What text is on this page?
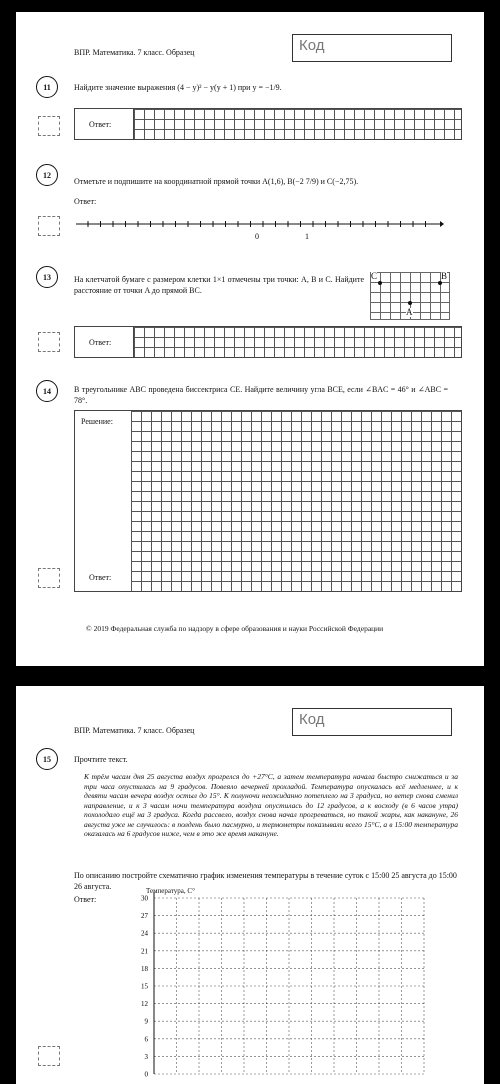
ВПР. Математика. 7 класс. Образец	Код
11	Найдите значение выражения (4 − y)² − y(y + 1) при y = −1/9.
Ответ:
12
Отметьте и подпишите на координатной прямой точки A(1,6), B(−2 7/9) и C(−2,75).
Ответ:
0	1
13	На клетчатой бумаге с размером клетки 1×1 отмечены три точки: A, B и C. Найдите расстояние от точки A до прямой BC.
C	B
A
Ответ:
14	В треугольнике ABC проведена биссектриса CE. Найдите величину угла BCE, если ∠BAC = 46° и ∠ABC = 78°.
Решение:
Ответ:
© 2019 Федеральная служба по надзору в сфере образования и науки Российской Федерации
ВПР. Математика. 7 класс. Образец
Код
15	Прочтите текст.
К трём часам дня 25 августа воздух прогрелся до +27°С, а затем температура начала быстро снижаться и за три часа опустилась на 9 градусов. Повеяло вечерней прохладой. Температура опускалась всё медленнее, и к девяти часам вечера воздух остыл до 15°. К полуночи неожиданно потеплело на 3 градуса, но ветер снова сменил направление, и к 3 часам ночи температура воздуха опустилась до 12 градусов, а к восходу (в 6 часов утра) похолодало ещё на 3 градуса. Когда рассвело, воздух снова начал прогреваться, но такой жары, как накануне, 26 августа уже не случилось: в полдень было пасмурно, и термометры показывали всего 15°С, а в 15:00 температура оказалась на 6 градусов ниже, чем в это же время накануне.
По описанию постройте схематично график изменения температуры в течение суток с 15:00 25 августа до 15:00 26 августа.
Ответ:
Температура, С°
30
27
24
21
18
15
12
9
6
3
0
